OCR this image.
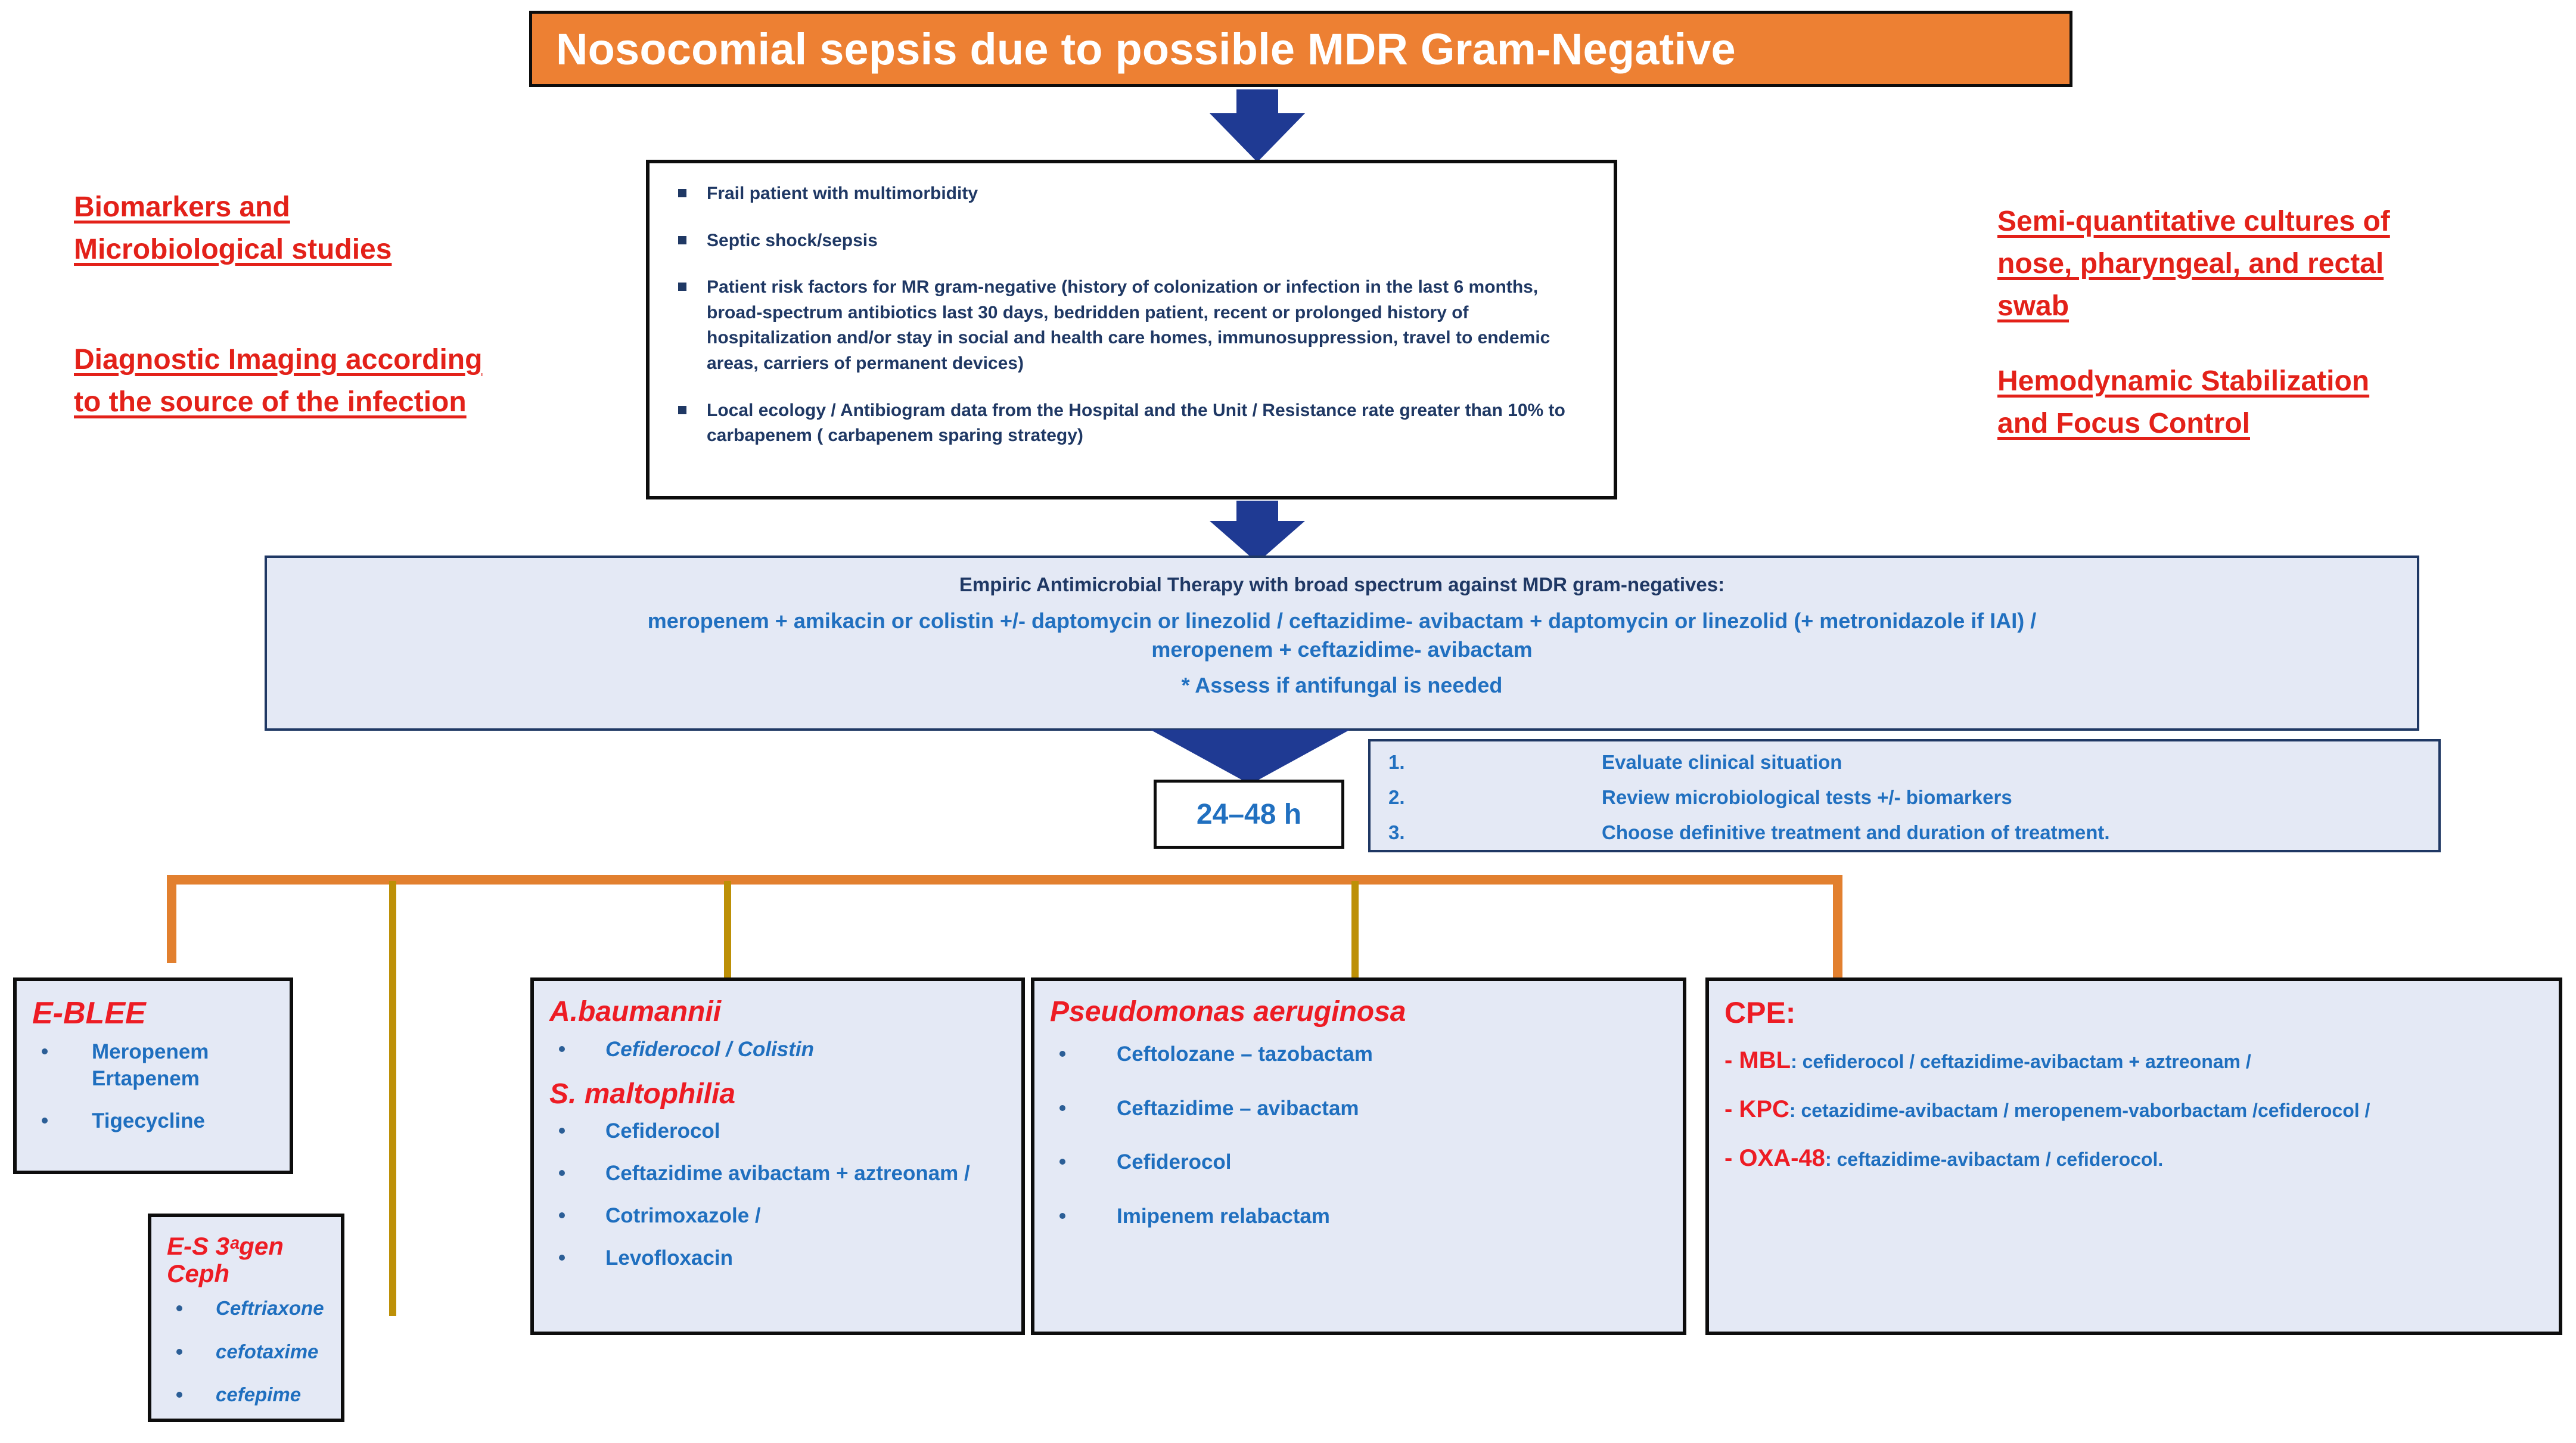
Nosocomial sepsis due to possible MDR Gram-Negative
Biomarkers and
Microbiological studies
Diagnostic Imaging according
to the source of the infection
Semi-quantitative cultures of
nose, pharyngeal, and rectal
swab
Hemodynamic Stabilization
and Focus Control
Frail patient with multimorbidity
Septic shock/sepsis
Patient risk factors for MR gram-negative (history of colonization or infection in the last 6 months, broad-spectrum antibiotics last 30 days, bedridden patient, recent or prolonged history of hospitalization and/or stay in social and health care homes, immunosuppression, travel to endemic areas, carriers of permanent devices)
Local ecology / Antibiogram data from the Hospital and the Unit / Resistance rate greater than 10% to carbapenem ( carbapenem sparing strategy)
Empiric Antimicrobial Therapy with broad spectrum against MDR gram-negatives:
meropenem + amikacin or colistin +/- daptomycin or linezolid / ceftazidime- avibactam + daptomycin or linezolid (+ metronidazole if IAI) /
meropenem + ceftazidime- avibactam
* Assess if antifungal is needed
24–48 h
1.	Evaluate clinical situation
2.	Review microbiological tests +/- biomarkers
3.	Choose definitive treatment and duration of treatment.
E-BLEE
Meropenem Ertapenem
Tigecycline
E-S 3ᵃgen Ceph
Ceftriaxone
cefotaxime
cefepime
A.baumannii
Cefiderocol / Colistin
S. maltophilia
Cefiderocol
Ceftazidime avibactam + aztreonam /
Cotrimoxazole /
Levofloxacin
Pseudomonas aeruginosa
Ceftolozane – tazobactam
Ceftazidime – avibactam
Cefiderocol
Imipenem relabactam
CPE:
- MBL: cefiderocol / ceftazidime-avibactam + aztreonam /
- KPC: cetazidime-avibactam / meropenem-vaborbactam /cefiderocol /
- OXA-48: ceftazidime-avibactam / cefiderocol.
